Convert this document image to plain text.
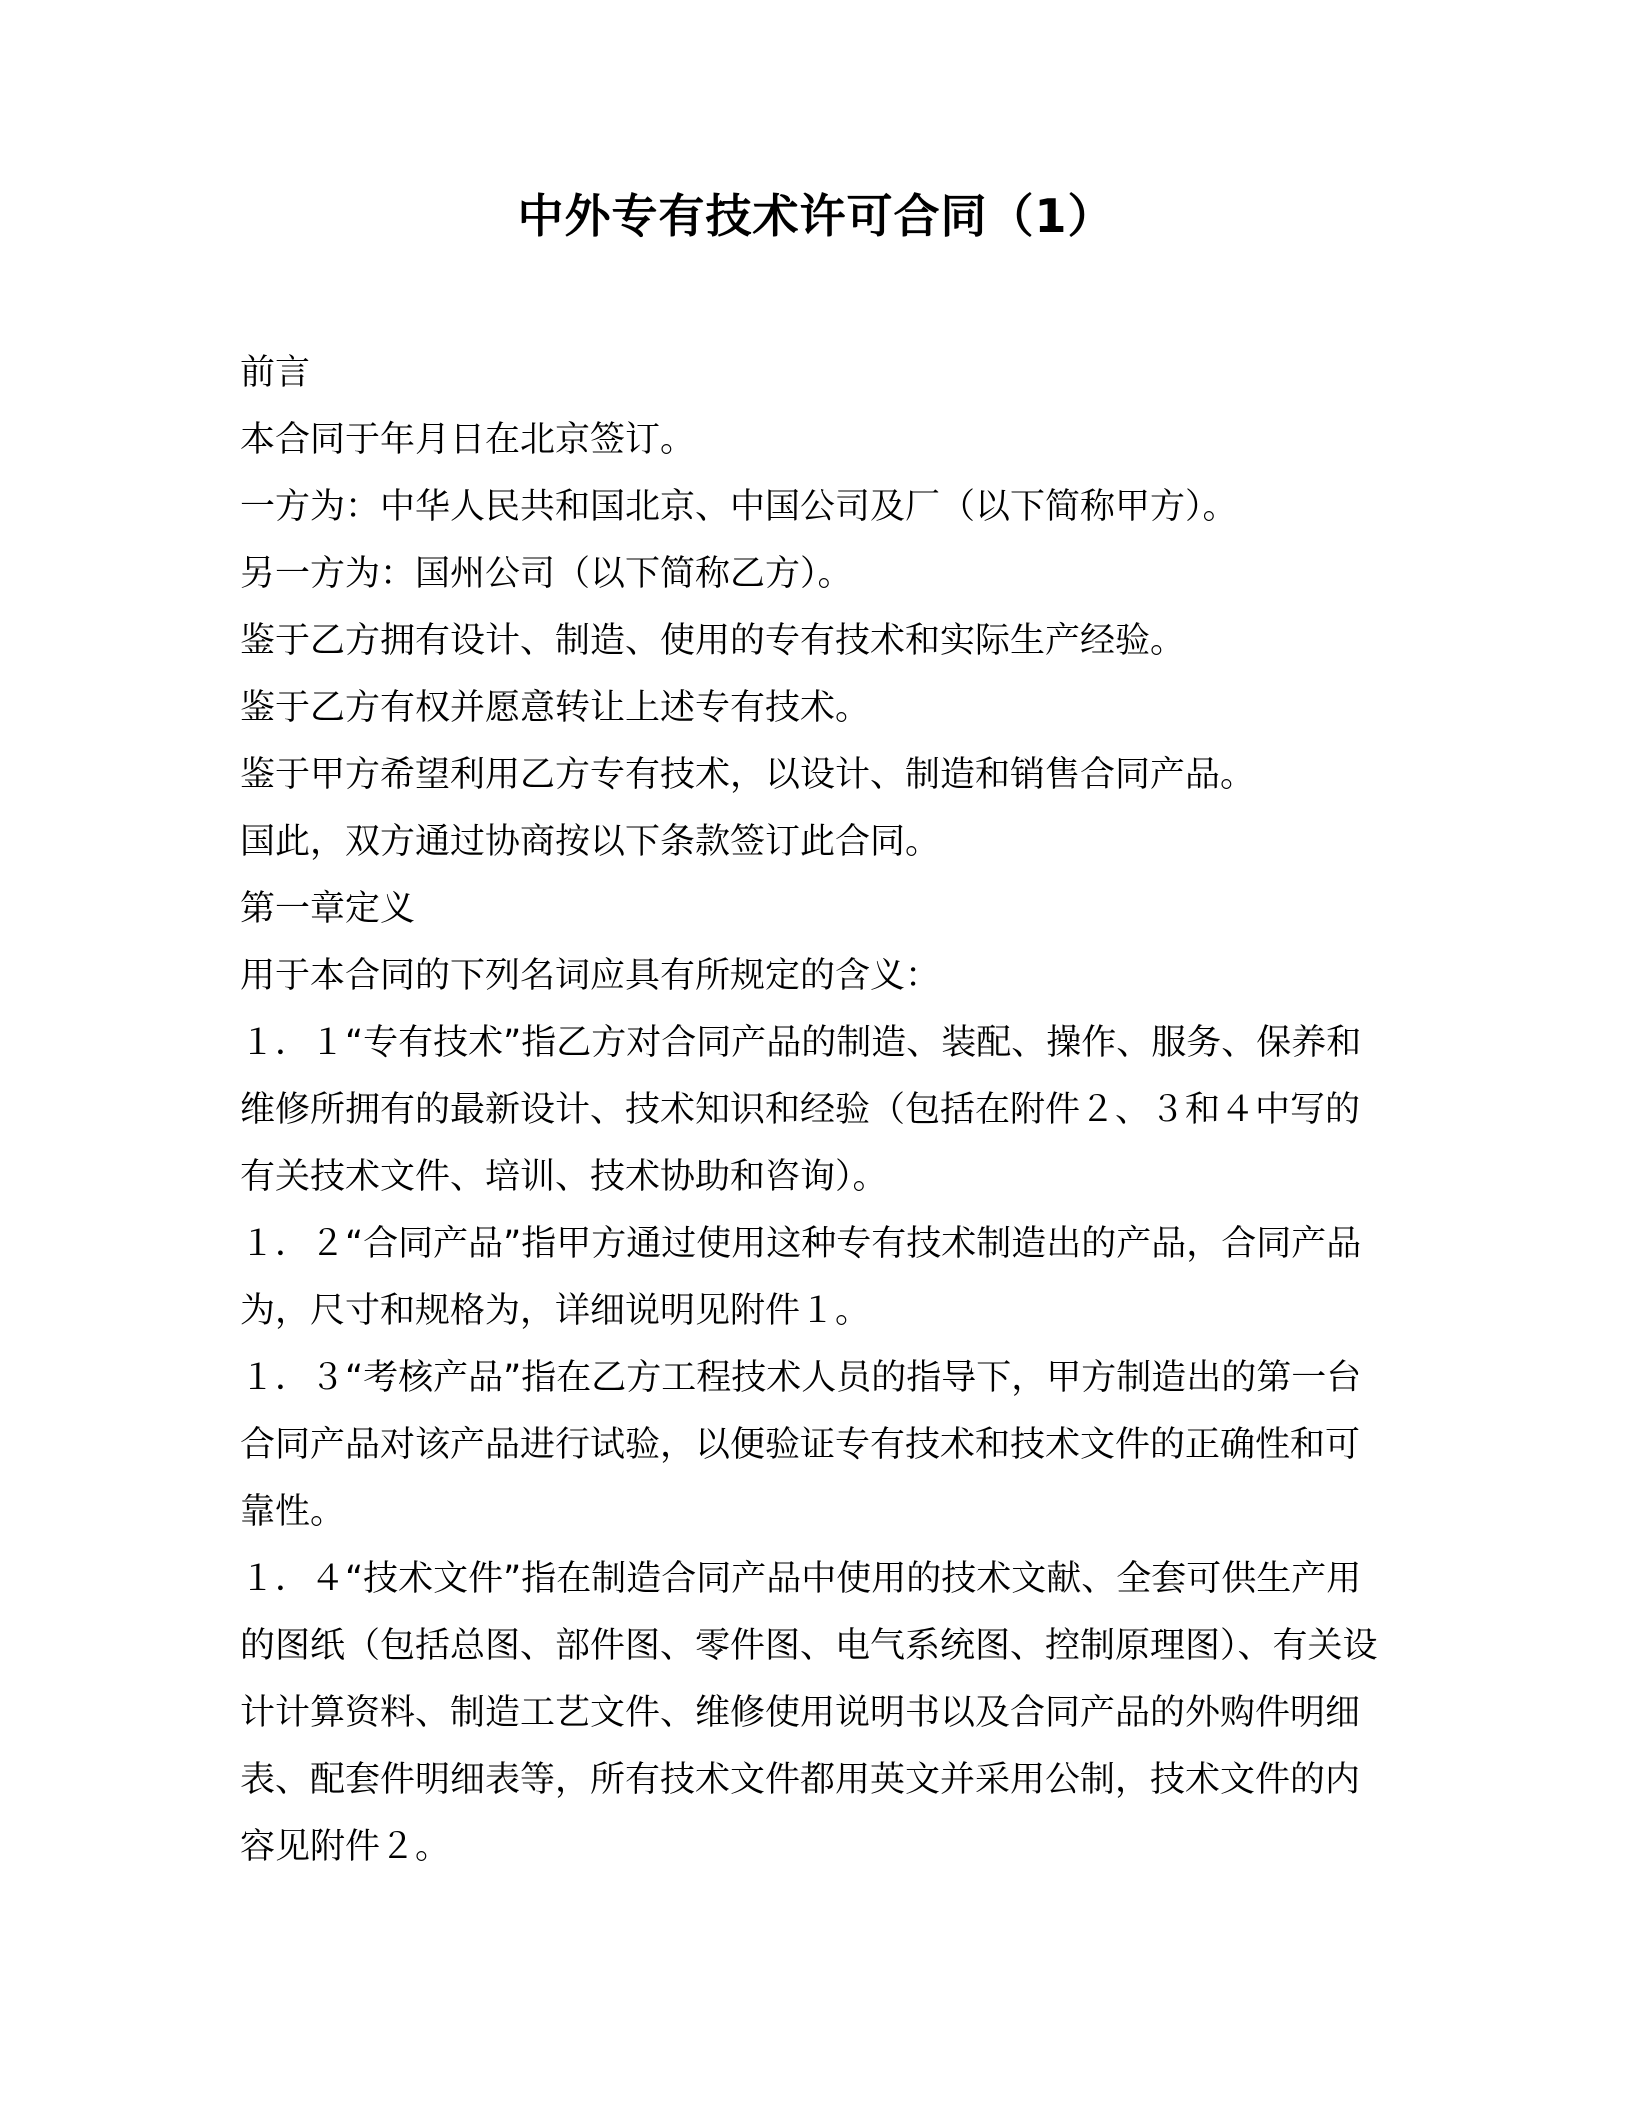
中外专有技术许可合同（1）

前言

本合同于年月日在北京签订。

一方为：中华人民共和国北京、中国公司及厂（以下简称甲方）。

另一方为：国州公司（以下简称乙方）。

鉴于乙方拥有设计、制造、使用的专有技术和实际生产经验。

鉴于乙方有权并愿意转让上述专有技术。

鉴于甲方希望利用乙方专有技术，以设计、制造和销售合同产品。

国此，双方通过协商按以下条款签订此合同。

第一章定义

用于本合同的下列名词应具有所规定的含义：

１．１“专有技术”指乙方对合同产品的制造、装配、操作、服务、保养和维修所拥有的最新设计、技术知识和经验（包括在附件２、３和４中写的有关技术文件、培训、技术协助和咨询）。

１．２“合同产品”指甲方通过使用这种专有技术制造出的产品，合同产品为，尺寸和规格为，详细说明见附件１。

１．３“考核产品”指在乙方工程技术人员的指导下，甲方制造出的第一台合同产品对该产品进行试验，以便验证专有技术和技术文件的正确性和可靠性。

１．４“技术文件”指在制造合同产品中使用的技术文献、全套可供生产用的图纸（包括总图、部件图、零件图、电气系统图、控制原理图）、有关设计计算资料、制造工艺文件、维修使用说明书以及合同产品的外购件明细表、配套件明细表等，所有技术文件都用英文并采用公制，技术文件的内容见附件２。
